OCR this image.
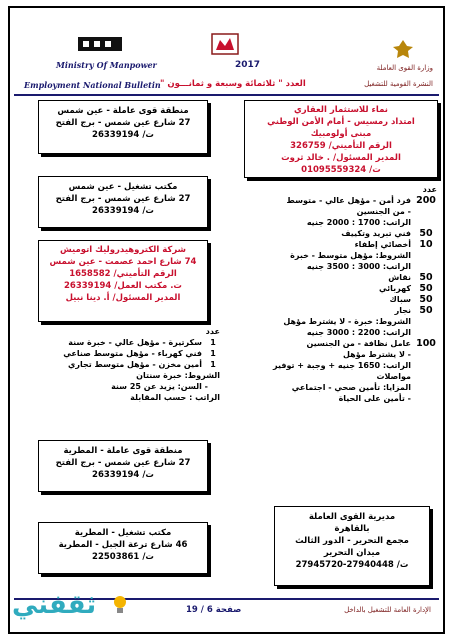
Ministry Of Manpower
Employment National Bulletin
2017	وزارة القوى العاملة
النشرة القومية للتشغيل
العدد " ثلاثمائة وسبعة و ثمانـــون "
نماء للاستثمار العقاري
امتداد رمسيس - أمام الأمن الوطني
مبنى أولومبيك
الرقم التأميني/ 326759
المدير المسئول/ . خالد ثروت
ت/ 01095559324
عدد
200
فرد أمن - مؤهل عالي - متوسط
- من الجنسين
الراتب: 1700 : 2000 جنيه
50
فني تبريد وتكييف
10
أخصائي إطفاء
الشروط: مؤهل متوسط - خبرة
الراتب: 3000 : 3500 جنيه
50
نقاش
50
كهربائي
50
سباك
50
نجار
الشروط: خبرة - لا يشترط مؤهل
الراتب: 2200 : 3000 جنيه
100
عامل نظافة - من الجنسين
- لا يشترط مؤهل
الراتب: 1650 جنيه + وجبة + توفير
مواصلات
المزايا: تأمين صحي - اجتماعي
- تأمين على الحياة
مديرية القوى العاملة
بالقاهرة
مجمع التحرير - الدور الثالث
ميدان التحرير
ت/ 27940448-27945720
منطقة قوى عاملة - عين شمس
27 شارع عين شمس - برج الفتح
ت/ 26339194
مكتب تشغيل - عين شمس
27 شارع عين شمس - برج الفتح
ت/ 26339194
شركة الكتروهيدروليك اتوميش
74 شارع احمد عصمت - عين شمس
الرقم التأميني/ 1658582
ت. مكتب العمل/ 26339194
المدير المسئول/ أ. دينا نبيل
عدد
1
سكرتيرة - مؤهل عالي - خبرة سنة
1
فني كهرباء - مؤهل متوسط صناعي
1
أمين مخزن - مؤهل متوسط تجاري
الشروط: خبرة سنتان
- السن: يزيد عن 25 سنة
الراتب : حسب المقابلة
منطقة قوى عاملة - المطرية
27 شارع عين شمس - برج الفتح
ت/ 26339194
مكتب تشغيل - المطرية
46 شارع ترعة الجبل - المطرية
ت/ 22503861
صفحة 6 / 19	الإدارة العامة للتشغيل بالداخل
ثقفني
